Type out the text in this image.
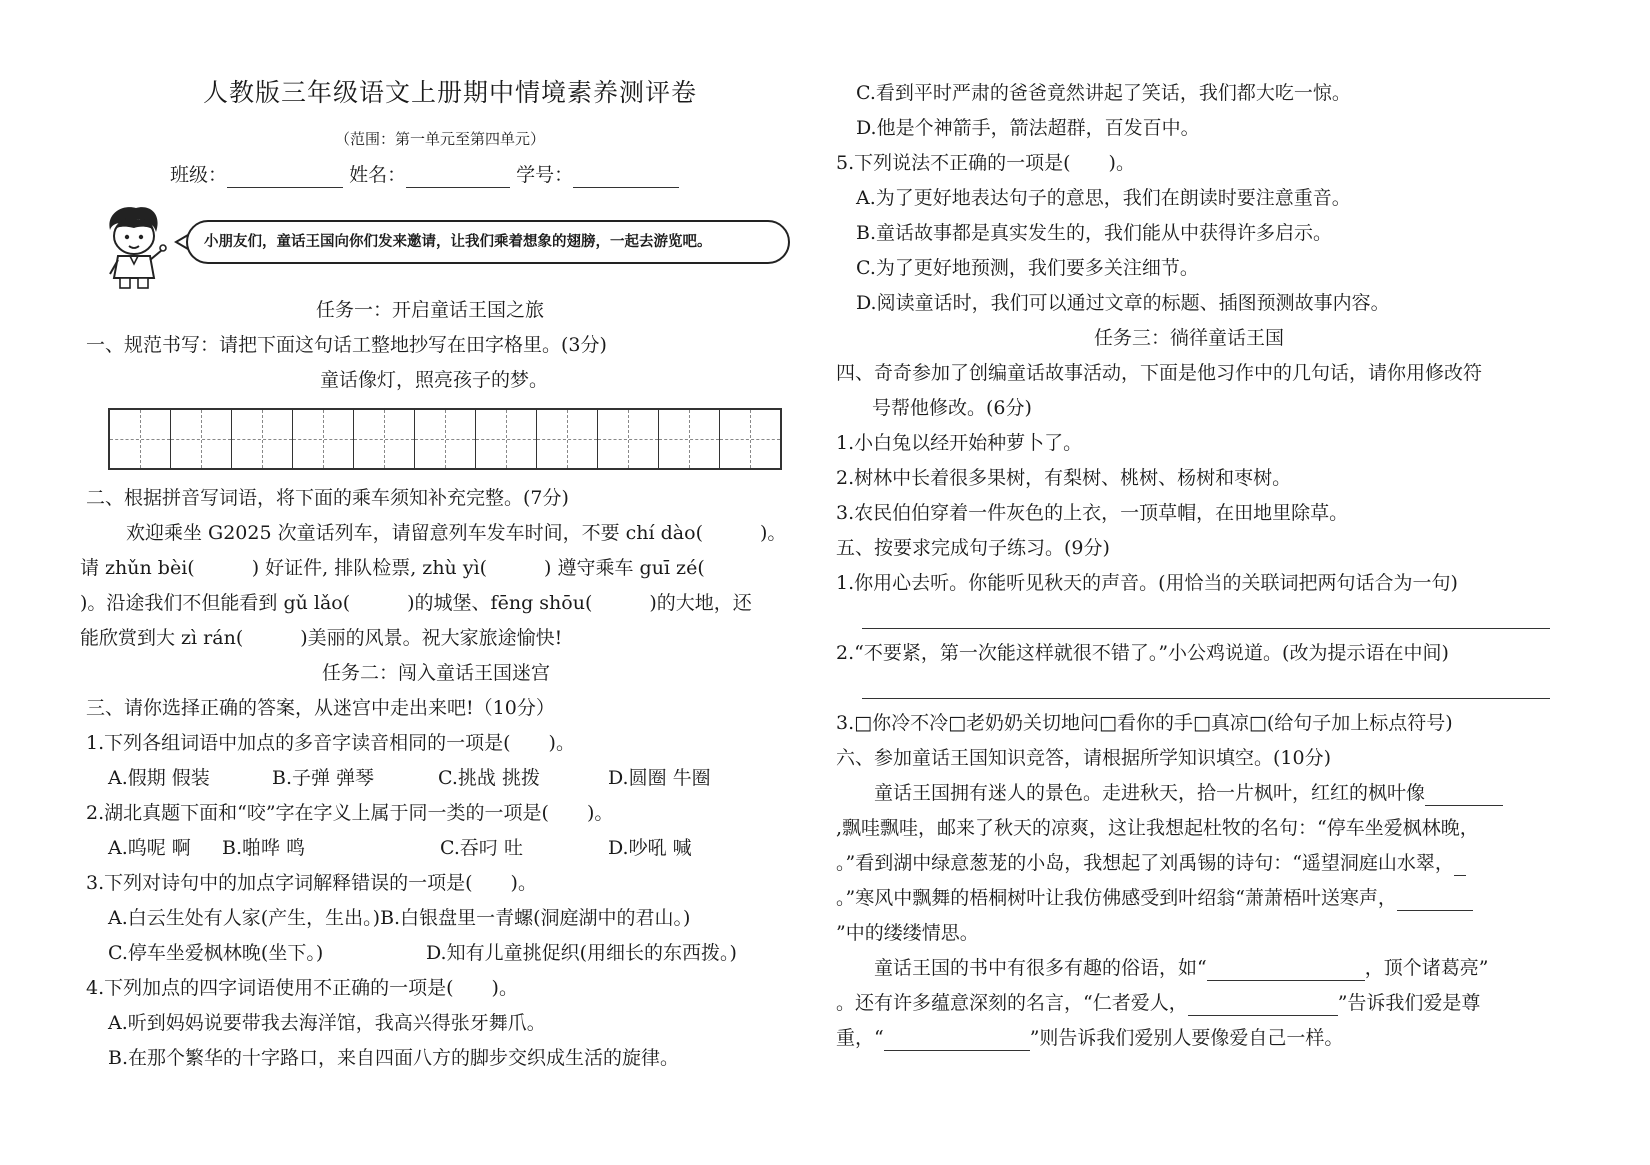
人教版三年级语文上册期中情境素养测评卷
（范围：第一单元至第四单元）
班级：	姓名：	学号：
小朋友们，童话王国向你们发来邀请，让我们乘着想象的翅膀，一起去游览吧。
任务一：开启童话王国之旅
一、规范书写：请把下面这句话工整地抄写在田字格里。(3分)
童话像灯，照亮孩子的梦。
二、根据拼音写词语，将下面的乘车须知补充完整。(7分)
欢迎乘坐 G2025 次童话列车，请留意列车发车时间，不要 chí dào(　　　)。
请 zhǔn bèi(　　　) 好证件, 排队检票, zhù yì(　　　) 遵守乘车 guī zé(
)。沿途我们不但能看到 gǔ lǎo(　　　)的城堡、fēng shōu(　　　)的大地，还
能欣赏到大 zì rán(　　　)美丽的风景。祝大家旅途愉快!
任务二：闯入童话王国迷宫
三、请你选择正确的答案，从迷宫中走出来吧!（10分）
1.下列各组词语中加点的多音字读音相同的一项是(　　)。
A.假期 假装	B.子弹 弹琴	C.挑战 挑拨	D.圆圈 牛圈
2.湖北真题下面和“咬”字在字义上属于同一类的一项是(　　)。
A.呜呢 啊 B.啪哗 鸣	C.吞叼 吐	D.吵吼 喊
3.下列对诗句中的加点字词解释错误的一项是(　　)。
A.白云生处有人家(产生，生出。)B.白银盘里一青螺(洞庭湖中的君山。)
C.停车坐爱枫林晚(坐下。)	D.知有儿童挑促织(用细长的东西拨。)
4.下列加点的四字词语使用不正确的一项是(　　)。
A.听到妈妈说要带我去海洋馆，我高兴得张牙舞爪。
B.在那个繁华的十字路口，来自四面八方的脚步交织成生活的旋律。
C.看到平时严肃的爸爸竟然讲起了笑话，我们都大吃一惊。
D.他是个神箭手，箭法超群，百发百中。
5.下列说法不正确的一项是(　　)。
A.为了更好地表达句子的意思，我们在朗读时要注意重音。
B.童话故事都是真实发生的，我们能从中获得许多启示。
C.为了更好地预测，我们要多关注细节。
D.阅读童话时，我们可以通过文章的标题、插图预测故事内容。
任务三：徜徉童话王国
四、奇奇参加了创编童话故事活动，下面是他习作中的几句话，请你用修改符
号帮他修改。(6分)
1.小白兔以经开始种萝卜了。
2.树林中长着很多果树，有梨树、桃树、杨树和枣树。
3.农民伯伯穿着一件灰色的上衣，一顶草帽，在田地里除草。
五、按要求完成句子练习。(9分)
1.你用心去听。你能听见秋天的声音。(用恰当的关联词把两句话合为一句)
2.“不要紧，第一次能这样就很不错了。”小公鸡说道。(改为提示语在中间)
3.□你冷不冷□老奶奶关切地问□看你的手□真凉□(给句子加上标点符号)
六、参加童话王国知识竞答，请根据所学知识填空。(10分)
童话王国拥有迷人的景色。走进秋天，拾一片枫叶，红红的枫叶像
,飘哇飘哇，邮来了秋天的凉爽，这让我想起杜牧的名句：“停车坐爱枫林晚，
。”看到湖中绿意葱茏的小岛，我想起了刘禹锡的诗句：“遥望洞庭山水翠，
。”寒风中飘舞的梧桐树叶让我仿佛感受到叶绍翁“萧萧梧叶送寒声，
”中的缕缕情思。
童话王国的书中有很多有趣的俗语，如“	，顶个诸葛亮”
。还有许多蕴意深刻的名言，“仁者爱人，	”告诉我们爱是尊
重，“	”则告诉我们爱别人要像爱自己一样。
